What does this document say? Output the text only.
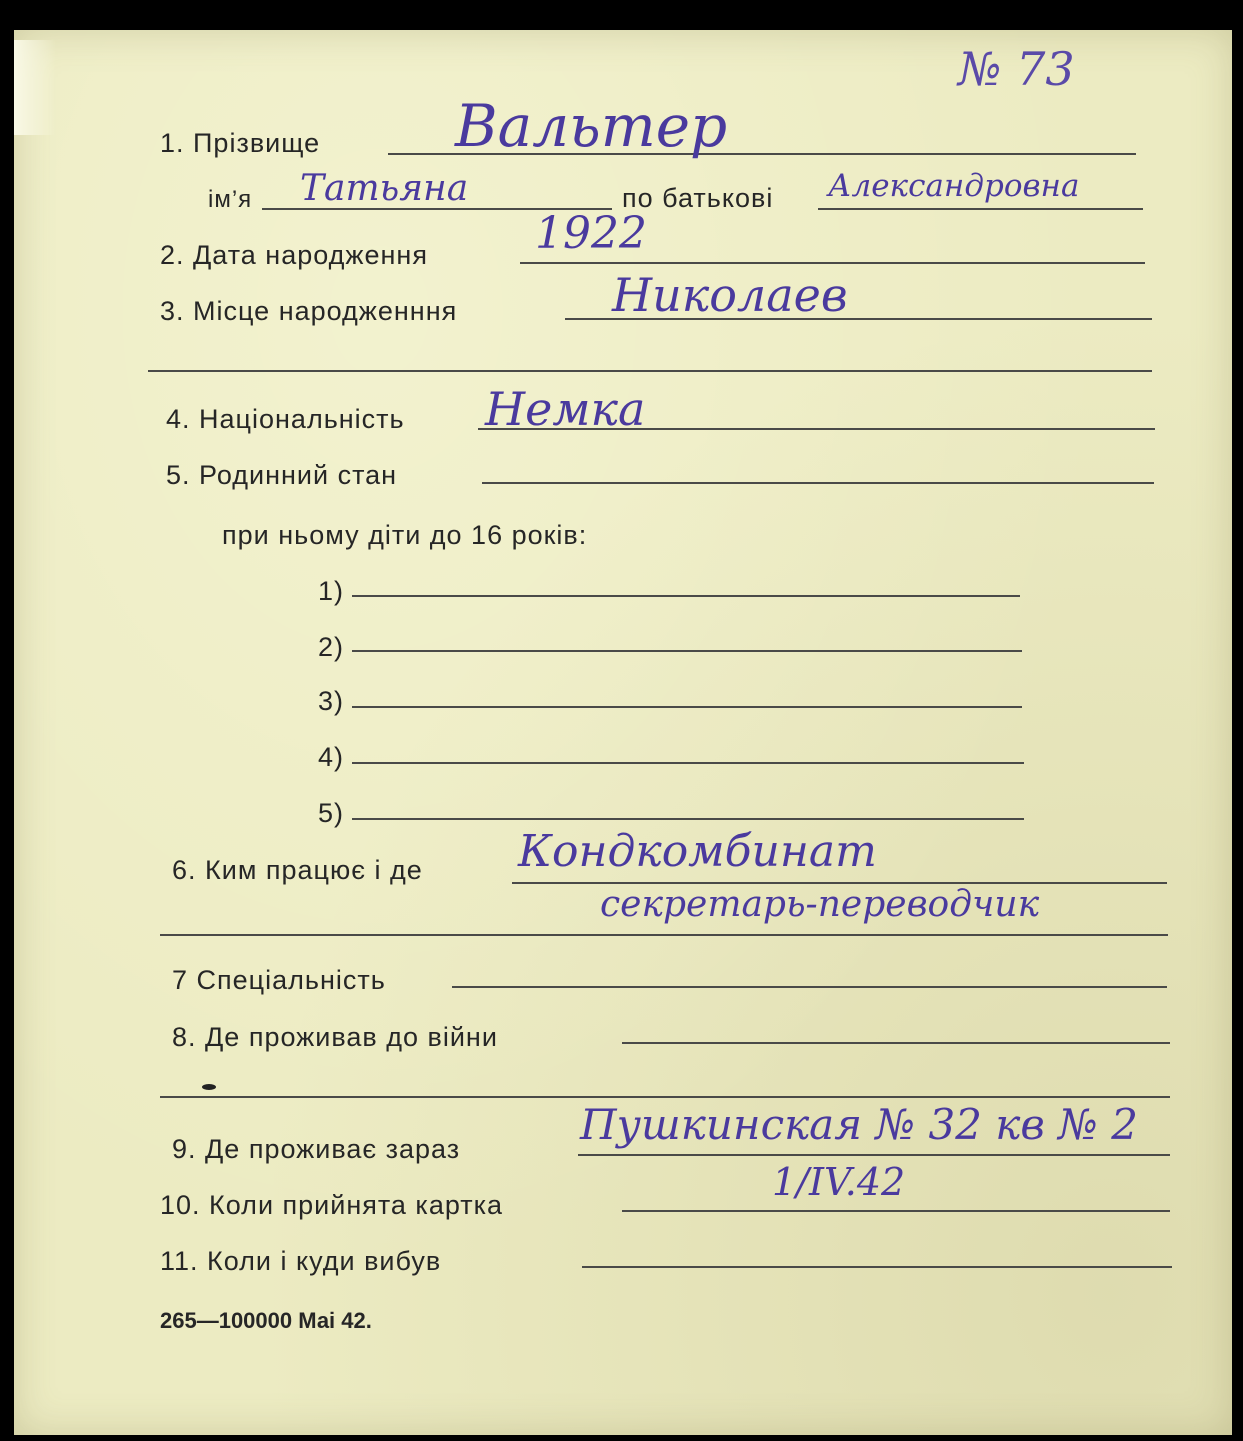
№ 73
1. Прізвище Вальтер
ім’я Татьяна	по батькові Александровна
2. Дата народження 1922
3. Місце народженння	Николаев
4. Національність Немка
5. Родинний стан
при ньому діти до 16 років:
1)
2)
3)
4)
5)
6. Ким працює і де Кондкомбинат
секретарь-переводчик
7 Спеціальність
8. Де проживав до війни
9. Де проживає зараз	Пушкинская № 32 кв № 2
10. Коли прийнята картка
1/IV.42
11. Коли і куди вибув
265—100000 Маі 42.
